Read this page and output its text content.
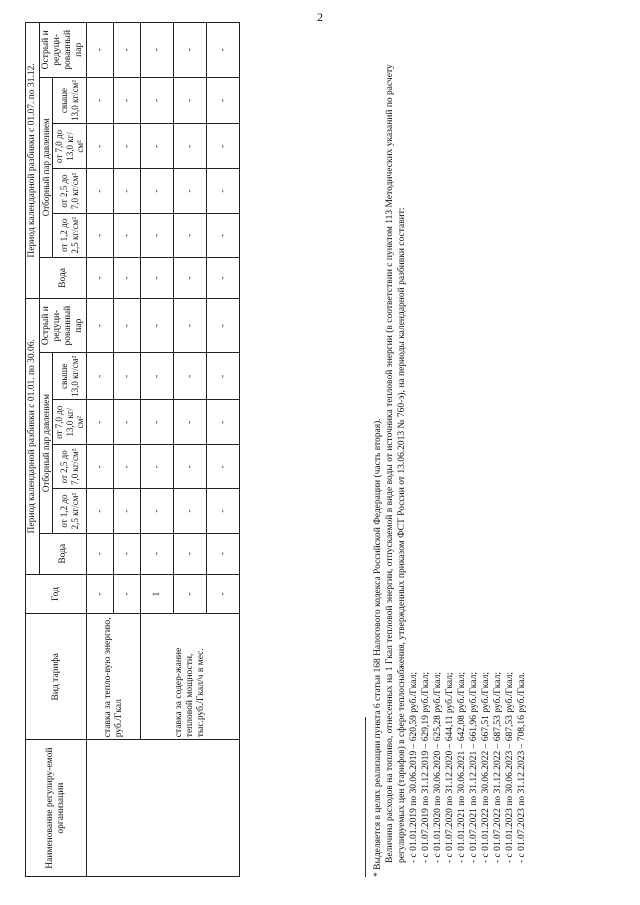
2
Наименование регулиру-емой организации	Вид тарифа	Год	Период календарной разбивки с 01.01. по 30.06.						Период календарной разбивки с 01.07. по 31.12.					
			Вода	Отборный пар давлением				Острый и редуци-рованный пар	Вода	Отборный пар давлением				Острый и редуци-рованный пар
				от 1,2 до 2,5 кг/см²	от 2,5 до 7,0 кг/см²	от 7,0 до 13,0 кг/см²	свыше 13,0 кг/см²			от 1,2 до 2,5 кг/см²	от 2,5 до 7,0 кг/см²	от 7,0 до 13,0 кг/см²	свыше 13,0 кг/см²	
	ставка за тепло-вую энергию, руб./Гкал	-	-	-	-	-	-	-	-	-	-	-	-	-
		-	-	-	-	-	-	-	-	-	-	-	-	-
	ставка за содер-жание тепловой мощности, тыс.руб./Гкал/ч в мес.	1	-	-	-	-	-	-	-	-	-	-	-	-
		-	-	-	-	-	-	-	-	-	-	-	-	-
		-	-	-	-	-	-	-	-	-	-	-	-	-

* Выделяется в целях реализации пункта 6 статьи 168 Налогового кодекса Российской Федерации (часть вторая). Величина расходов на топливо, отнесенных на 1 Гкал тепловой энергии, отпускаемой в виде воды от источника тепловой энергии (в соответствии с пунктом 113 Методических указаний по расчету регулируемых цен (тарифов) в сфере теплоснабжения, утвержденных приказом ФСТ России от 13.06.2013 № 760-э), на периоды календарной разбивки составит: - с 01.01.2019 по 30.06.2019 – 620,59 руб./Гкал; - с 01.07.2019 по 31.12.2019 – 629,19 руб./Гкал; - с 01.01.2020 по 30.06.2020 – 625,28 руб./Гкал; - с 01.07.2020 по 31.12.2020 – 644,11 руб./Гкал; - с 01.01.2021 по 30.06.2021 – 642,08 руб./Гкал; - с 01.07.2021 по 31.12.2021 – 661,96 руб./Гкал; - с 01.01.2022 по 30.06.2022 – 667,51 руб./Гкал; - с 01.07.2022 по 31.12.2022 – 687,53 руб./Гкал; - с 01.01.2023 по 30.06.2023 – 687,53 руб./Гкал; - с 01.07.2023 по 31.12.2023 – 708,16 руб./Гкал.
